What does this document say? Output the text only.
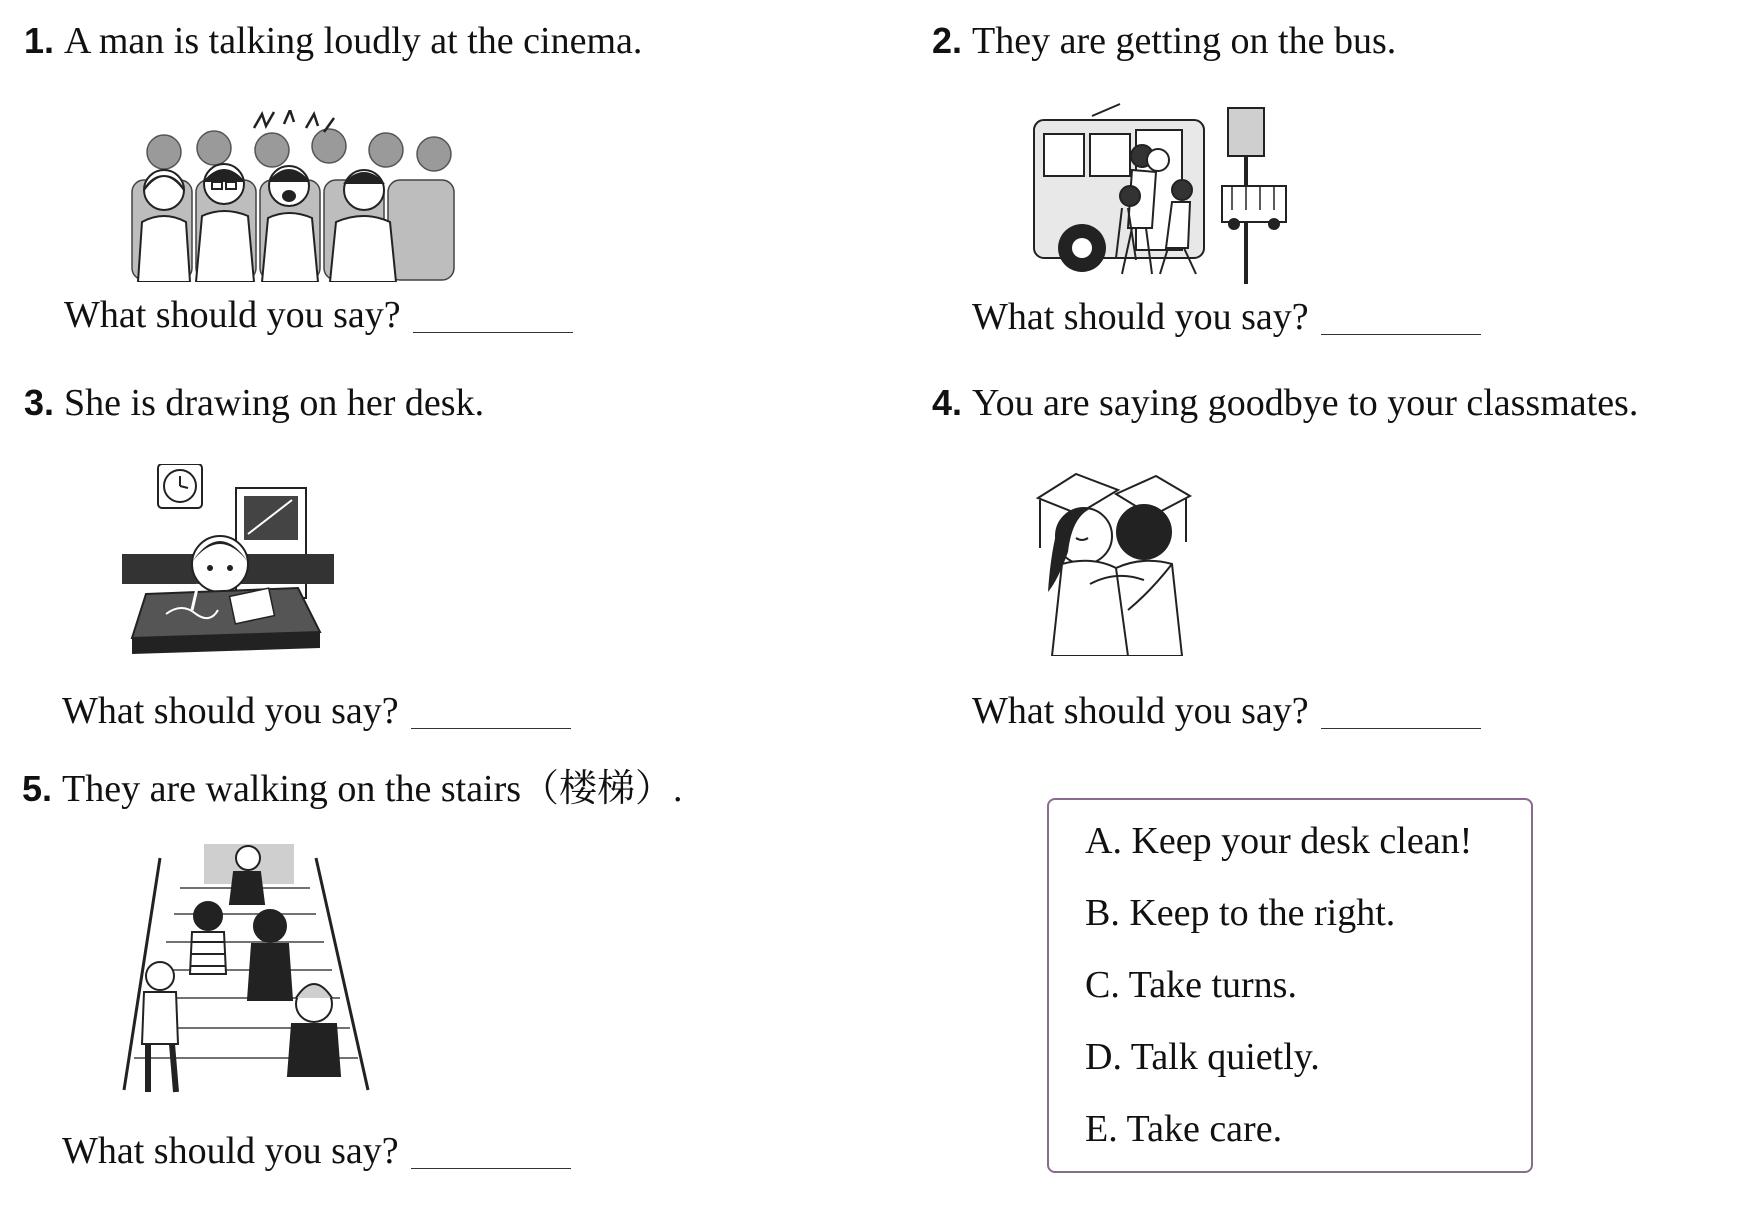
1. A man is talking loudly at the cinema.
What should you say?
2. They are getting on the bus.
What should you say?
3. She is drawing on her desk.
What should you say?
4. You are saying goodbye to your classmates.
What should you say?
5. They are walking on the stairs（楼梯）.
What should you say?
A. Keep your desk clean!
B. Keep to the right.
C. Take turns.
D. Talk quietly.
E. Take care.
